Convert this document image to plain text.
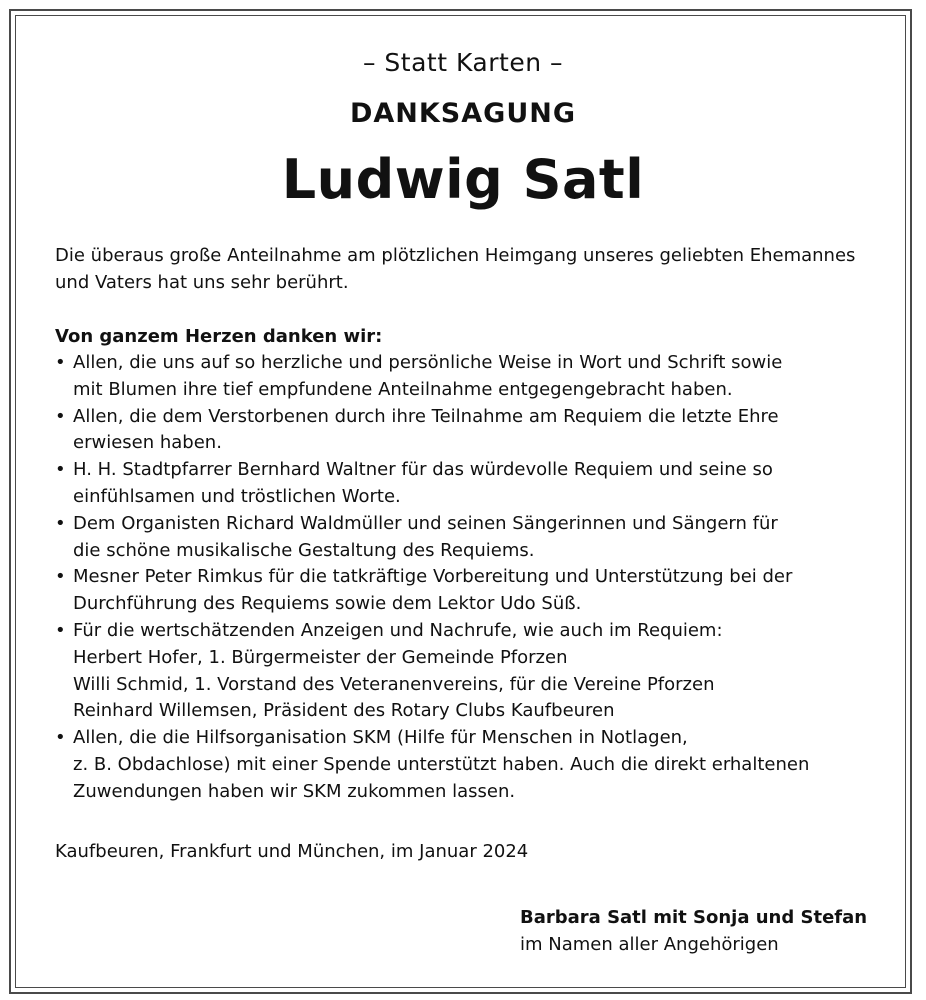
– Statt Karten –
DANKSAGUNG
Ludwig Satl
Die überaus große Anteilnahme am plötzlichen Heimgang unseres geliebten Ehemannes
und Vaters hat uns sehr berührt.
Von ganzem Herzen danken wir:
• Allen, die uns auf so herzliche und persönliche Weise in Wort und Schrift sowie
mit Blumen ihre tief empfundene Anteilnahme entgegengebracht haben.
• Allen, die dem Verstorbenen durch ihre Teilnahme am Requiem die letzte Ehre
erwiesen haben.
• H. H. Stadtpfarrer Bernhard Waltner für das würdevolle Requiem und seine so
einfühlsamen und tröstlichen Worte.
• Dem Organisten Richard Waldmüller und seinen Sängerinnen und Sängern für
die schöne musikalische Gestaltung des Requiems.
• Mesner Peter Rimkus für die tatkräftige Vorbereitung und Unterstützung bei der
Durchführung des Requiems sowie dem Lektor Udo Süß.
• Für die wertschätzenden Anzeigen und Nachrufe, wie auch im Requiem:
Herbert Hofer, 1. Bürgermeister der Gemeinde Pforzen
Willi Schmid, 1. Vorstand des Veteranenvereins, für die Vereine Pforzen
Reinhard Willemsen, Präsident des Rotary Clubs Kaufbeuren
• Allen, die die Hilfsorganisation SKM (Hilfe für Menschen in Notlagen,
z. B. Obdachlose) mit einer Spende unterstützt haben. Auch die direkt erhaltenen
Zuwendungen haben wir SKM zukommen lassen.
Kaufbeuren, Frankfurt und München, im Januar 2024
Barbara Satl mit Sonja und Stefan
im Namen aller Angehörigen
